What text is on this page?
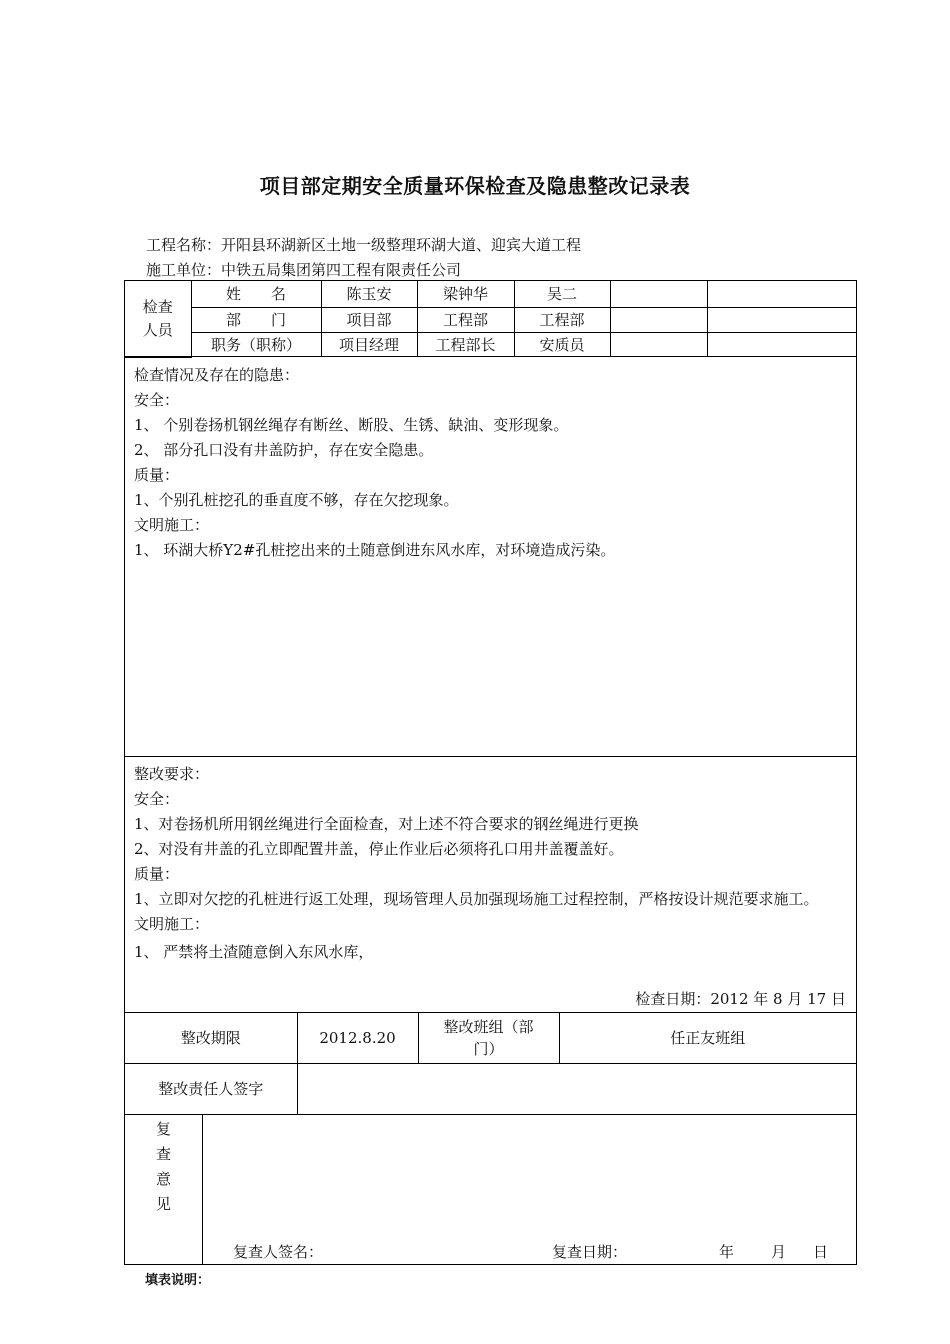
项目部定期安全质量环保检查及隐患整改记录表
工程名称：开阳县环湖新区土地一级整理环湖大道、迎宾大道工程
施工单位：中铁五局集团第四工程有限责任公司
检查
人员	姓　　名	陈玉安	梁钟华	吴二		
	部　　门	项目部	工程部	工程部		
	职务（职称）	项目经理	工程部长	安质员		
检查情况及存在的隐患：
安全：
1、 个别卷扬机钢丝绳存有断丝、断股、生锈、缺油、变形现象。
2、 部分孔口没有井盖防护，存在安全隐患。
质量：
1、个别孔桩挖孔的垂直度不够，存在欠挖现象。
文明施工：
1、 环湖大桥Y2#孔桩挖出来的土随意倒进东风水库，对环境造成污染。
整改要求：
安全：
1、对卷扬机所用钢丝绳进行全面检查，对上述不符合要求的钢丝绳进行更换
2、对没有井盖的孔立即配置井盖，停止作业后必须将孔口用井盖覆盖好。
质量：
1、立即对欠挖的孔桩进行返工处理，现场管理人员加强现场施工过程控制，严格按设计规范要求施工。
文明施工：
1、 严禁将土渣随意倒入东风水库，
检查日期：2012 年 8 月 17 日
整改期限	2012.8.20	整改班组（部
门）	任正友班组
整改责任人签字			
复
查
意
见
复查人签名：	复查日期：	年 月 日
填表说明：
